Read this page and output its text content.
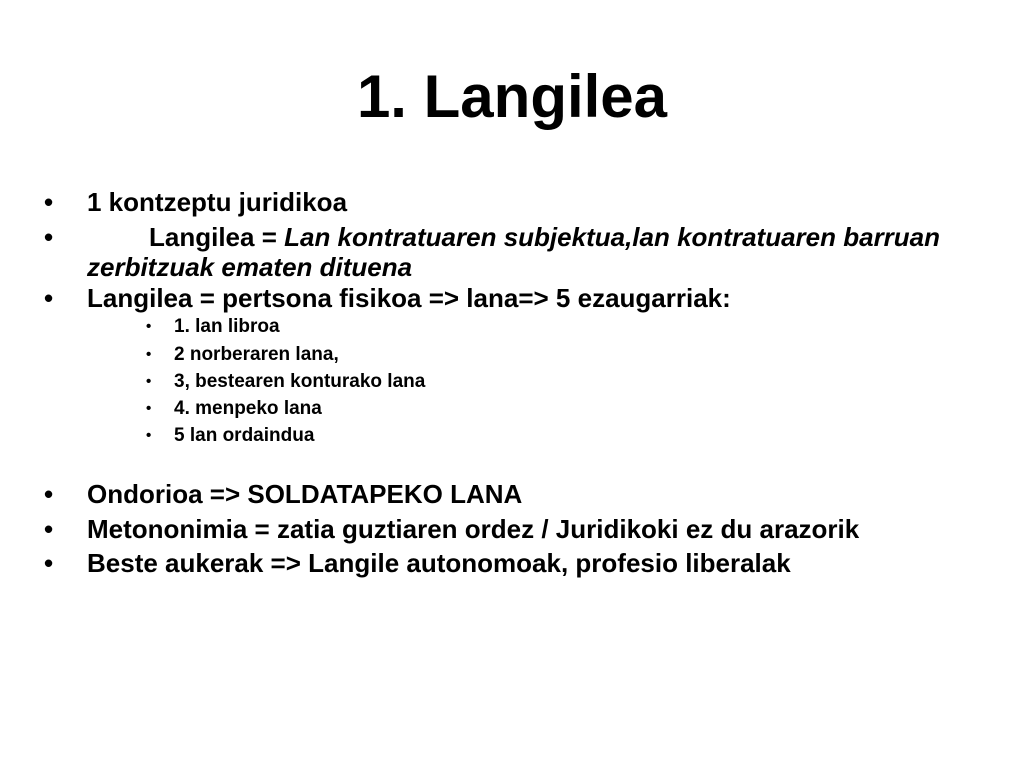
1. Langilea
• 1 kontzeptu juridikoa
•	Langilea = Lan kontratuaren subjektua,lan kontratuaren barruan zerbitzuak ematen dituena
• Langilea = pertsona fisikoa => lana=> 5 ezaugarriak:
• 1. lan libroa
• 2 norberaren lana,
• 3, bestearen konturako lana
• 4. menpeko lana
• 5 lan ordaindua
• Ondorioa => SOLDATAPEKO LANA
• Metononimia = zatia guztiaren ordez / Juridikoki ez du arazorik
• Beste aukerak => Langile autonomoak, profesio liberalak
